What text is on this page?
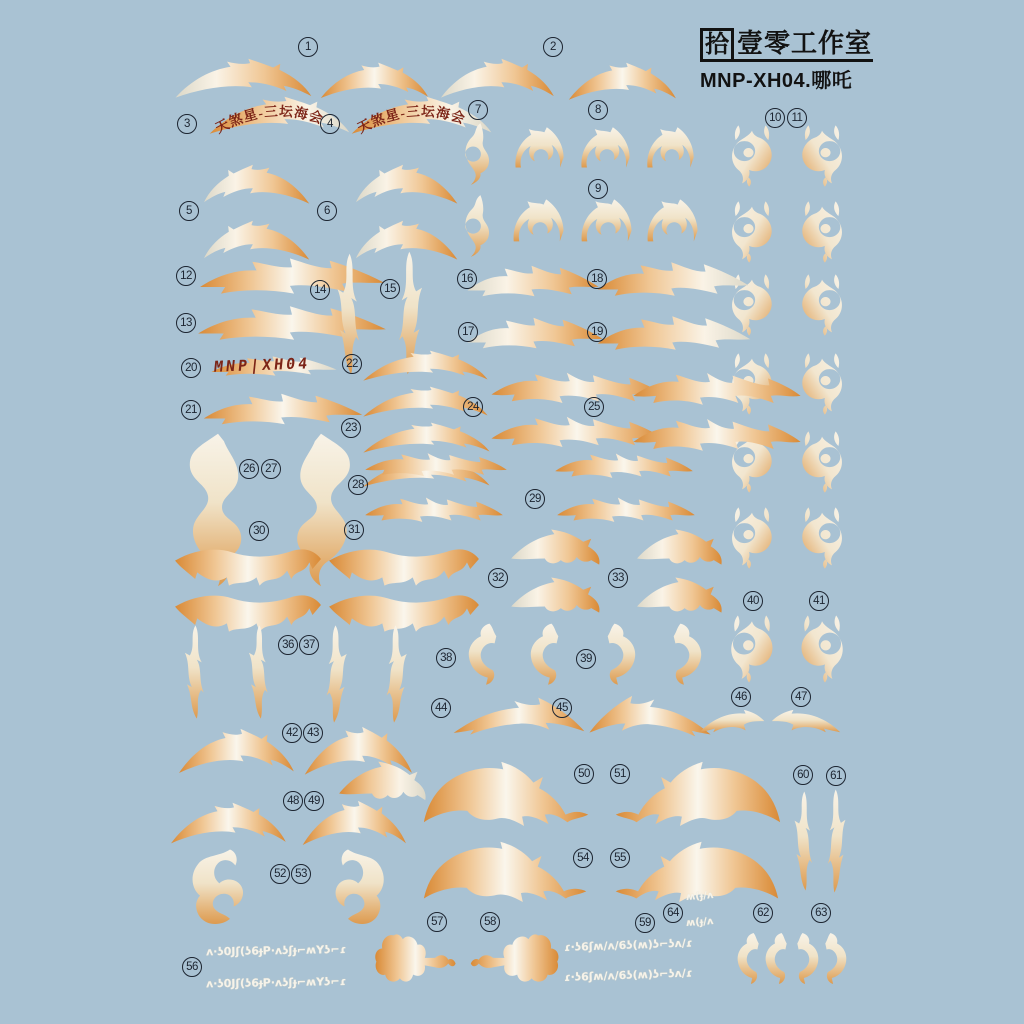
ʌ·ʖ0Jʃ(ʖ6ɟP·ʌʖʃɟ⌐ʍYʖ⌐ɾ
ʌ·ʖ0Jʃ(ʖ6ɟP·ʌʖʃɟ⌐ʍYʖ⌐ɾ
ɾ·ʖ6ʃʍ/ʌ/6ʖ(ʍ)ʖ⌐ʖʌ/ɾ
ɾ·ʖ6ʃʍ/ʌ/6ʖ(ʍ)ʖ⌐ʖʌ/ɾ
ʍ(ɟ/ʌ
ʍ(ɟ/ʌ
天煞星-三坛海会 天煞星-三坛海会
MNP|XH04
1	2
3	4
5	6
7	8
9
10 11
12
13
14	15
16
17
18
19
20
21
22
23
24	25
26 27
28
29
30	31
32	33
36 37
38	39
40	41
42 43
44	45
46	47
48 49
50	51
52 53
54	55
56
57	58	59
60	61
62	63
64
拾 壹零工作室
MNP-XH04.哪吒
